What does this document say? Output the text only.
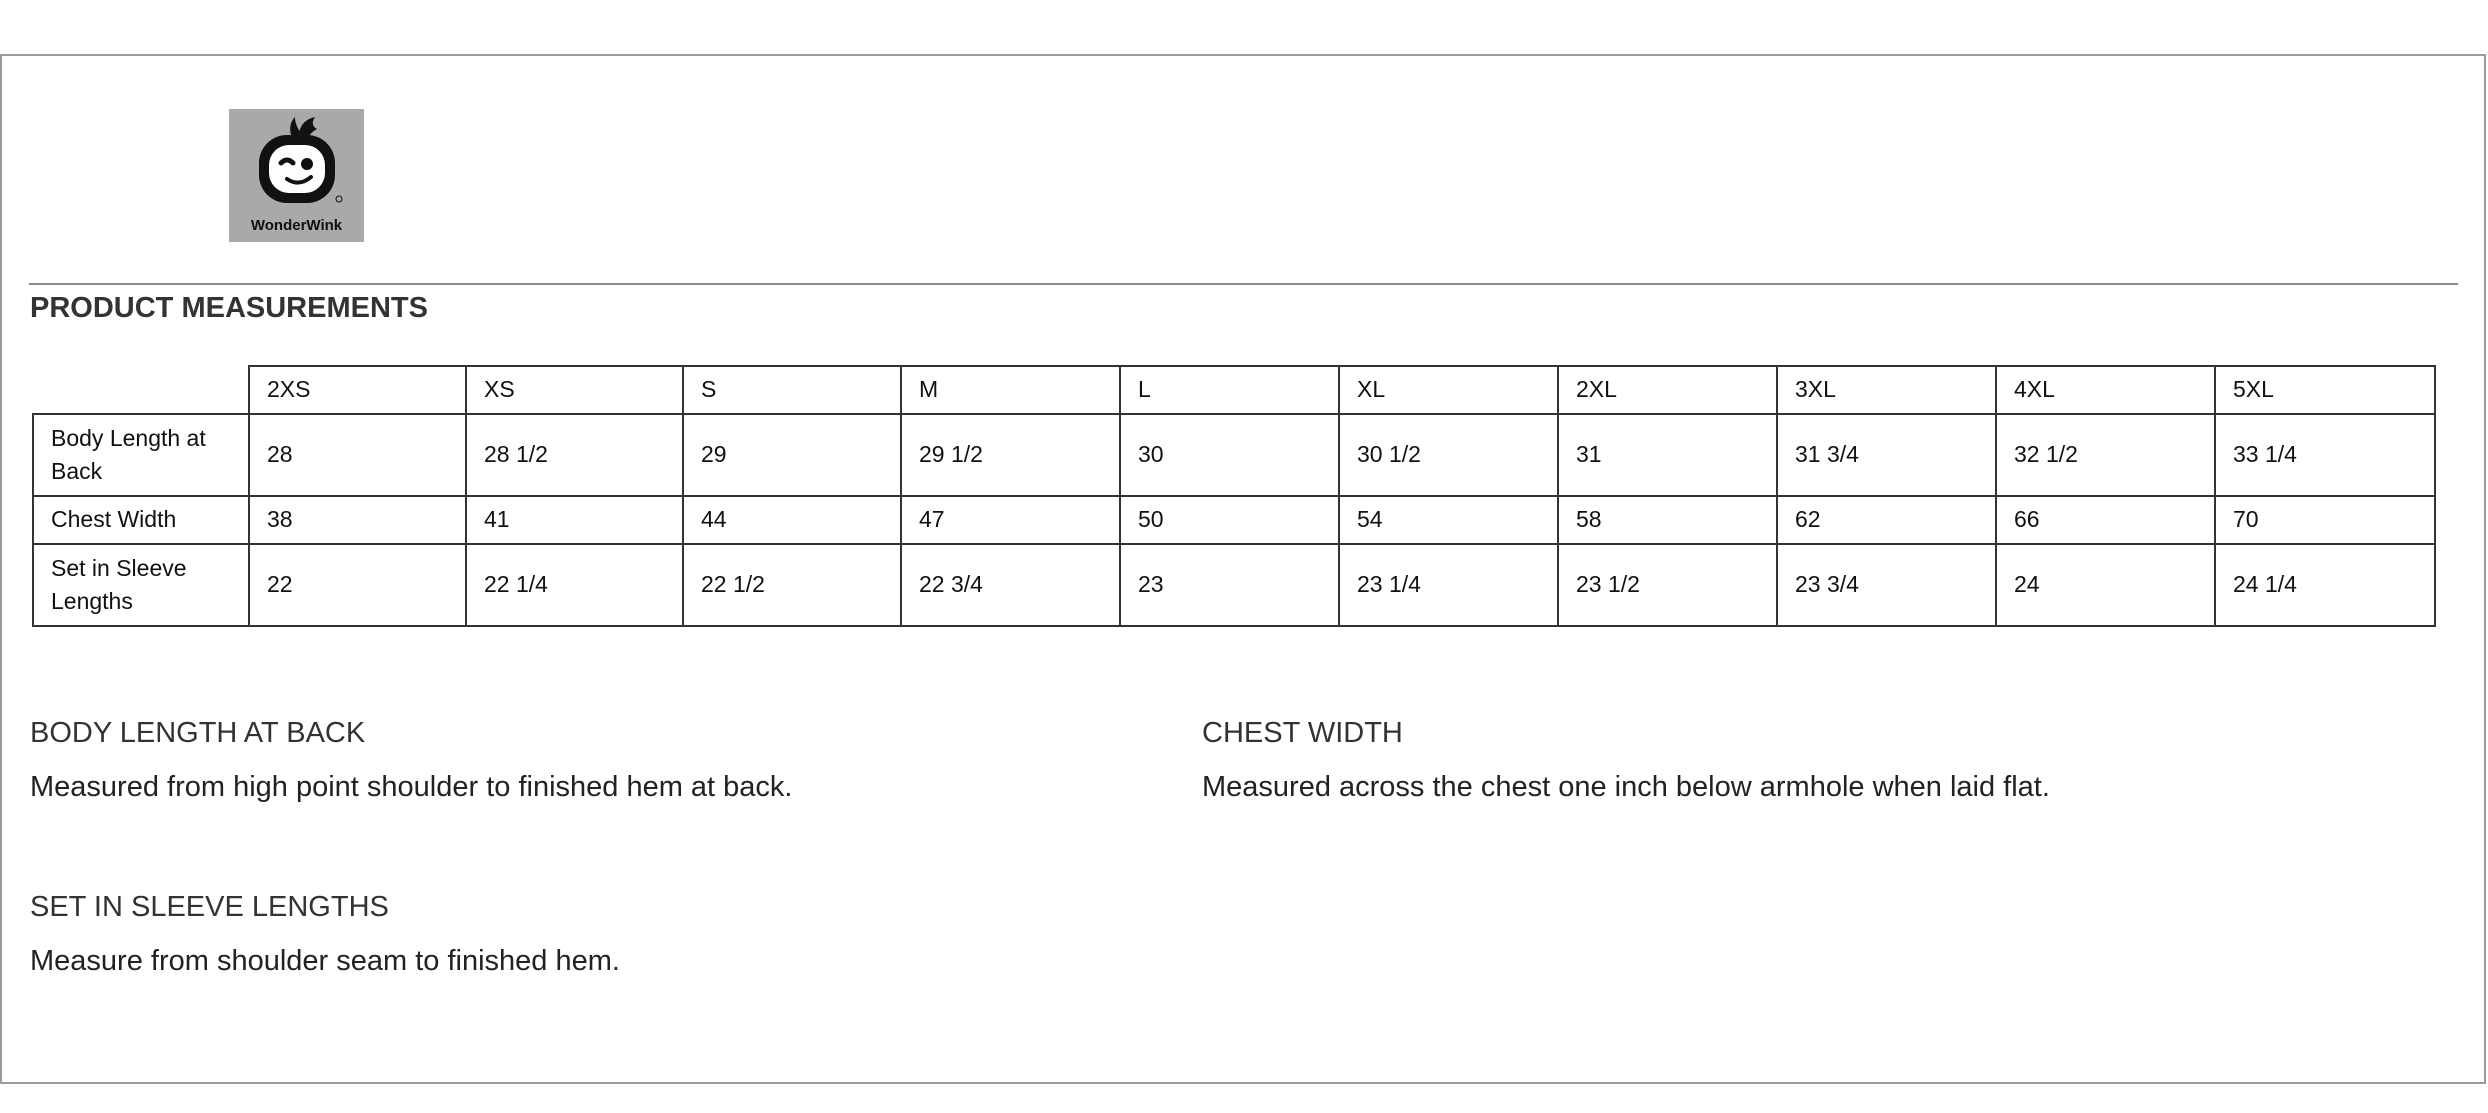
WonderWink
PRODUCT MEASUREMENTS
	2XS	XS	S	M	L	XL	2XL	3XL	4XL	5XL
Body Length at Back	28	28 1/2	29	29 1/2	30	30 1/2	31	31 3/4	32 1/2	33 1/4
Chest Width	38	41	44	47	50	54	58	62	66	70
Set in Sleeve Lengths	22	22 1/4	22 1/2	22 3/4	23	23 1/4	23 1/2	23 3/4	24	24 1/4
BODY LENGTH AT BACK
Measured from high point shoulder to finished hem at back.
CHEST WIDTH
Measured across the chest one inch below armhole when laid flat.
SET IN SLEEVE LENGTHS
Measure from shoulder seam to finished hem.
